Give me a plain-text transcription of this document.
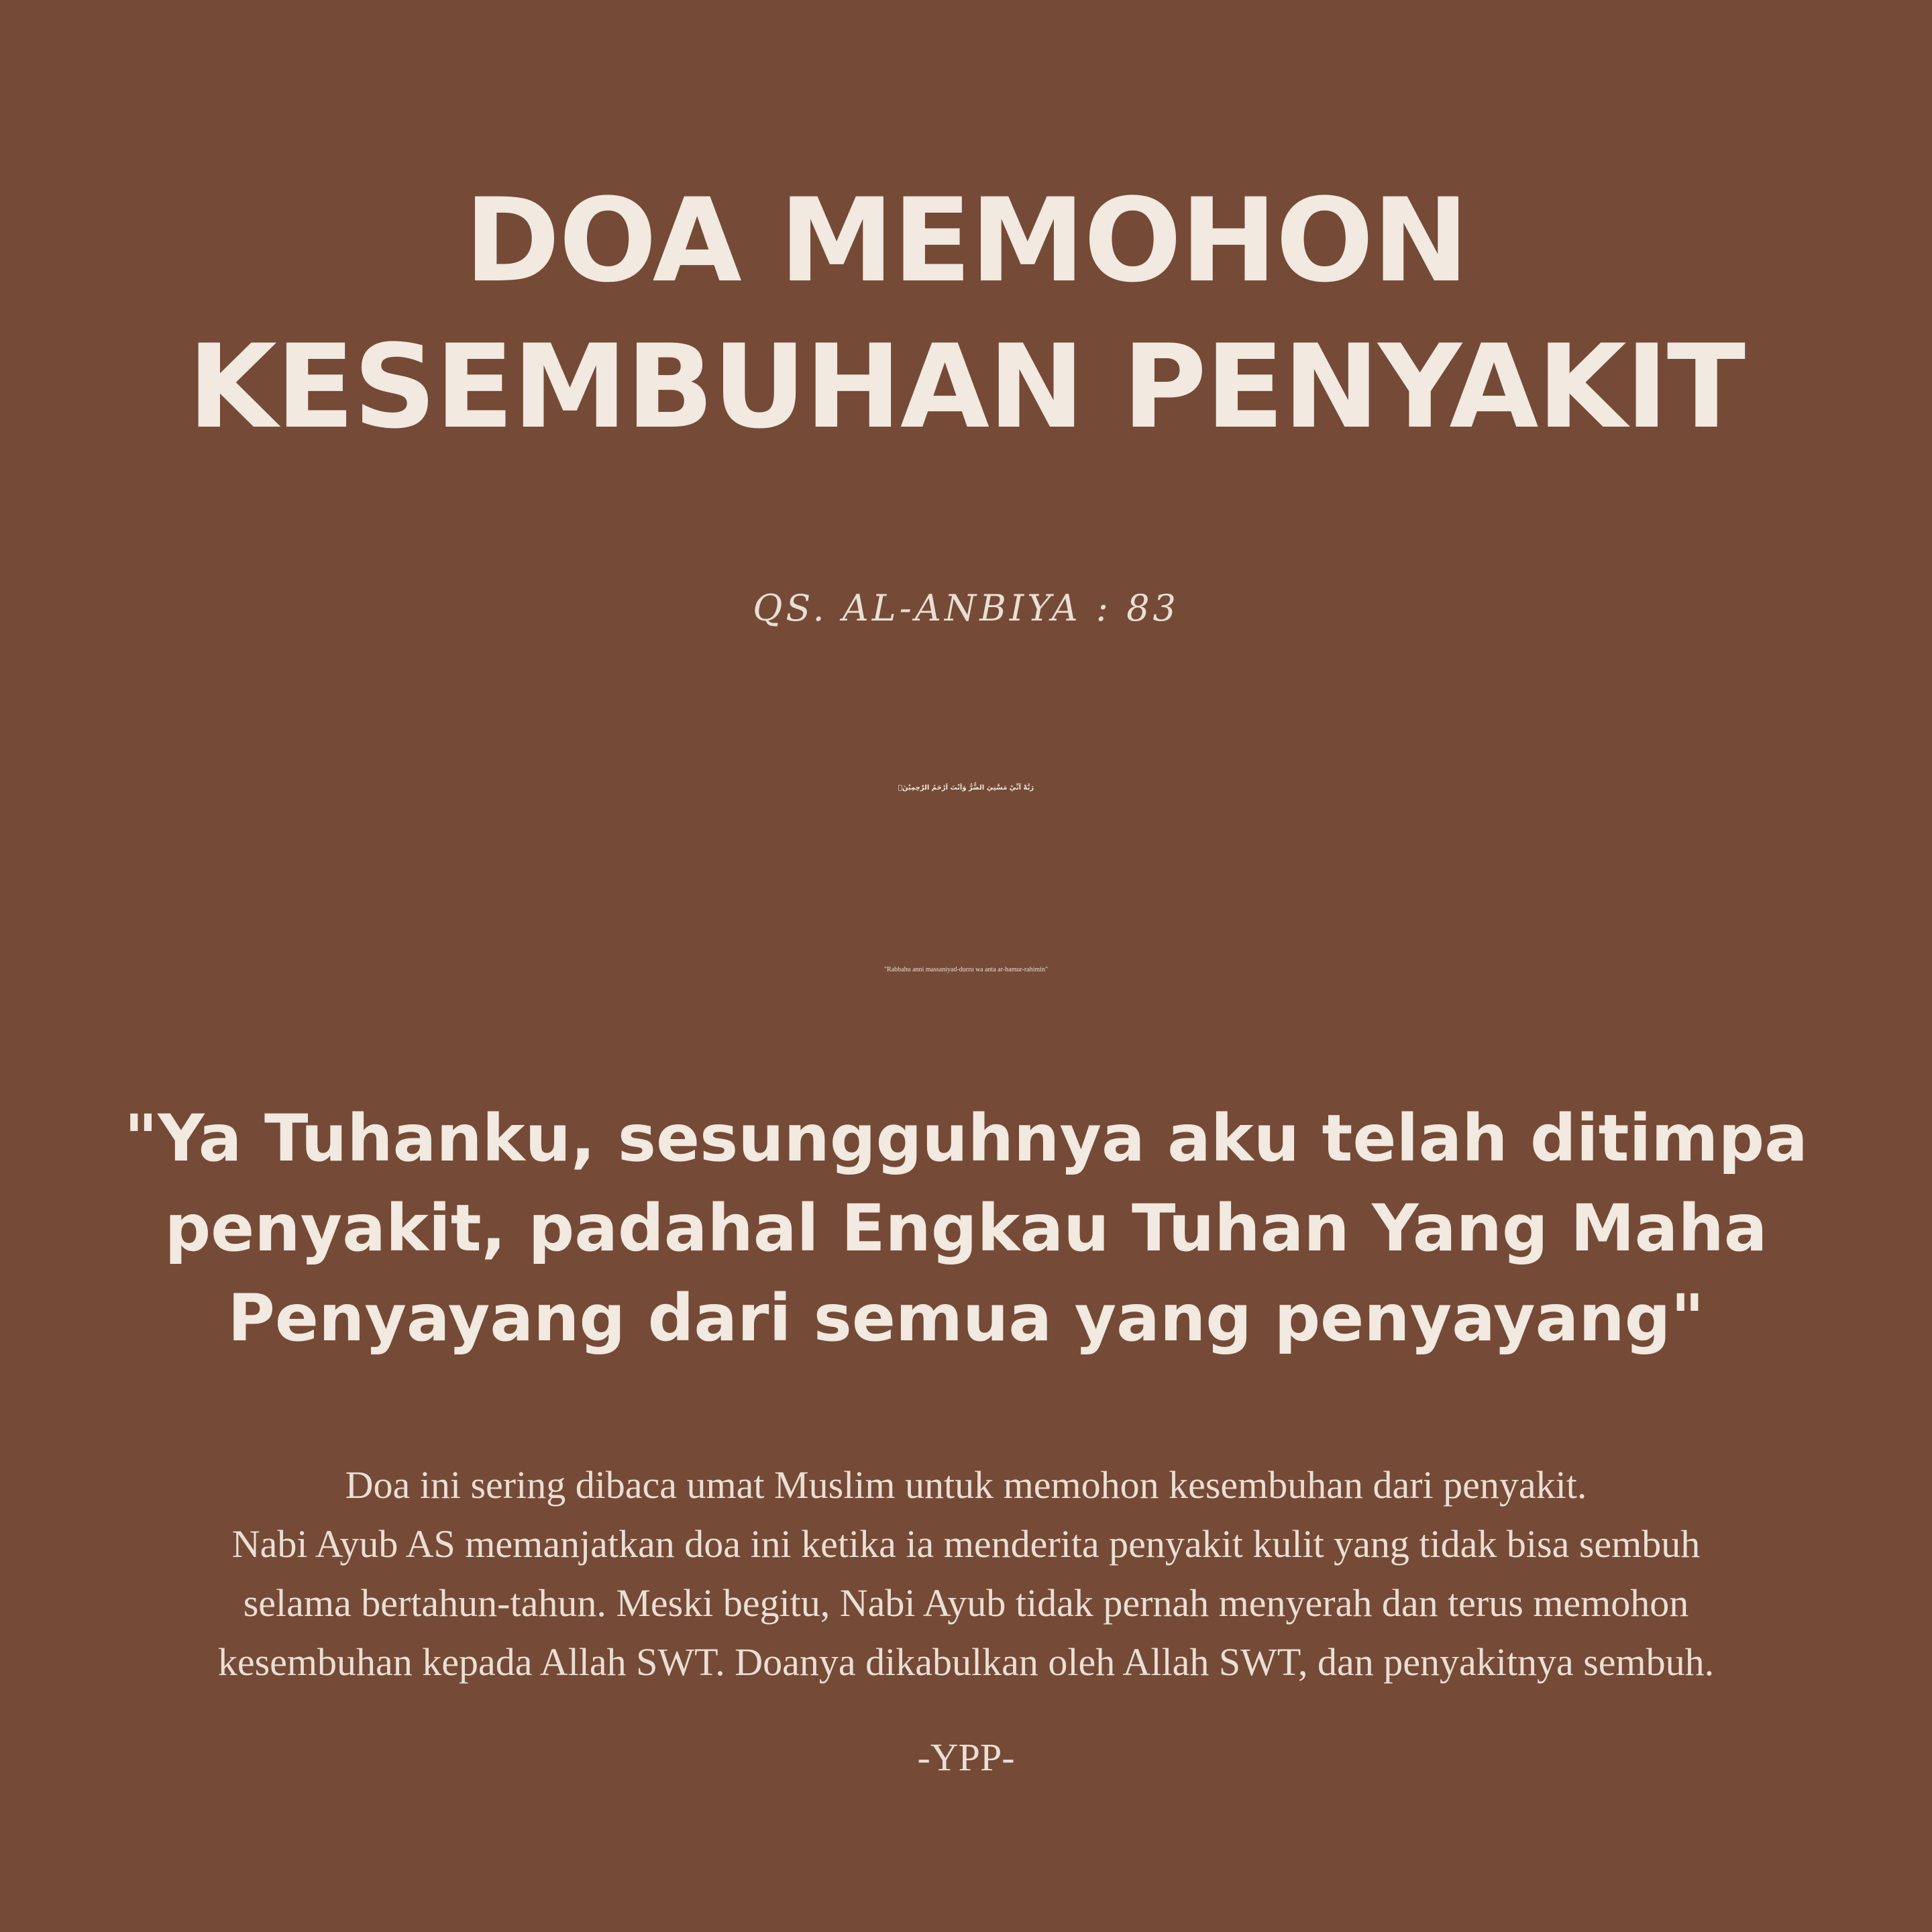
DOA MEMOHON
KESEMBUHAN PENYAKIT
QS. AL-ANBIYA : 83
رَبَّهٗٓ اَنِّيْ مَسَّنِيَ الضُّرُّ وَاَنْتَ اَرْحَمُ الرّٰحِمِيْنَۚ
"Rabbahu anni massaniyad-durru wa anta ar-hamur-rahimin"
"Ya Tuhanku, sesungguhnya aku telah ditimpa
penyakit, padahal Engkau Tuhan Yang Maha
Penyayang dari semua yang penyayang"
Doa ini sering dibaca umat Muslim untuk memohon kesembuhan dari penyakit.
Nabi Ayub AS memanjatkan doa ini ketika ia menderita penyakit kulit yang tidak bisa sembuh
selama bertahun-tahun. Meski begitu, Nabi Ayub tidak pernah menyerah dan terus memohon
kesembuhan kepada Allah SWT. Doanya dikabulkan oleh Allah SWT, dan penyakitnya sembuh.
-YPP-
